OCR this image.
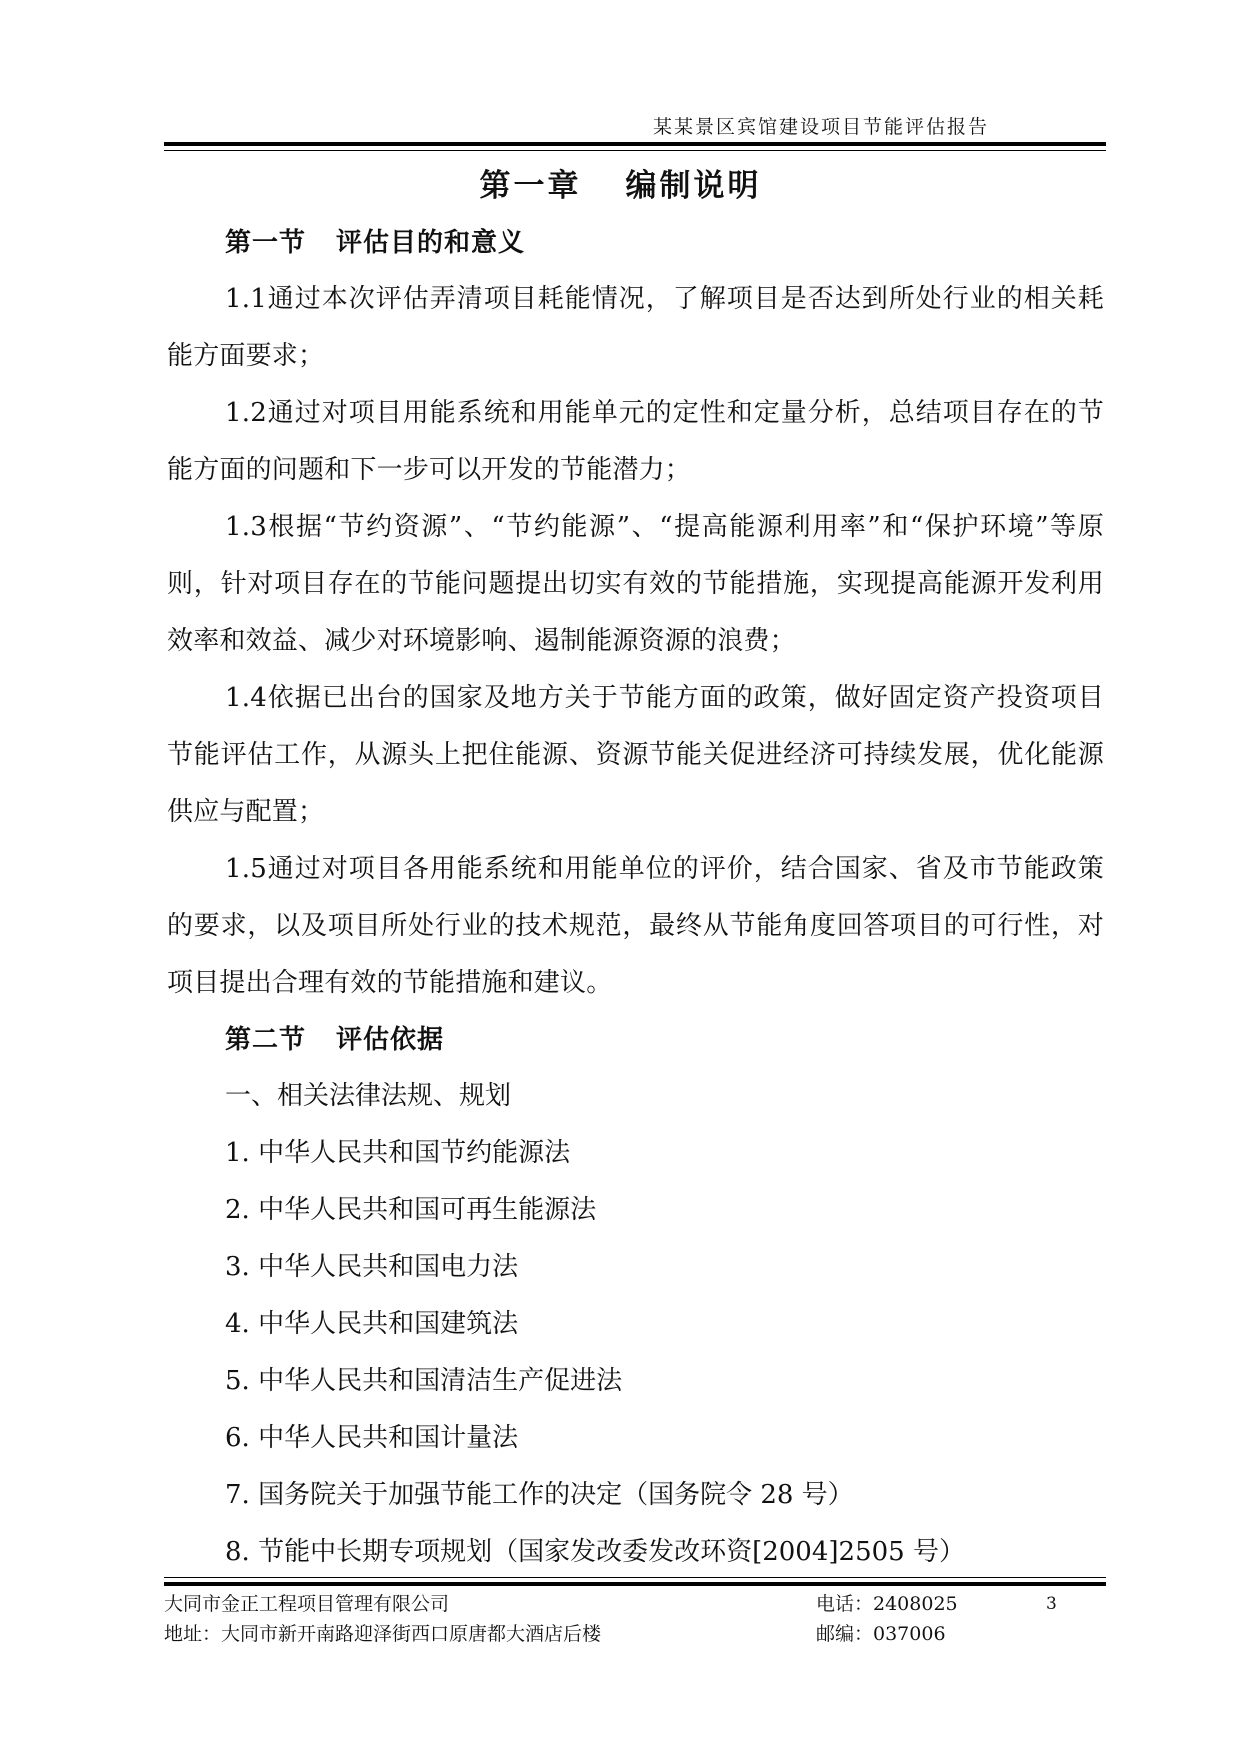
某某景区宾馆建设项目节能评估报告
第一章 编制说明
第一节 评估目的和意义

1.1通过本次评估弄清项目耗能情况，了解项目是否达到所处行业的相关耗能方面要求；

1.2通过对项目用能系统和用能单元的定性和定量分析，总结项目存在的节能方面的问题和下一步可以开发的节能潜力；

1.3根据“节约资源”、“节约能源”、“提高能源利用率”和“保护环境”等原则，针对项目存在的节能问题提出切实有效的节能措施，实现提高能源开发利用效率和效益、减少对环境影响、遏制能源资源的浪费；

1.4依据已出台的国家及地方关于节能方面的政策，做好固定资产投资项目节能评估工作，从源头上把住能源、资源节能关促进经济可持续发展，优化能源供应与配置；

1.5通过对项目各用能系统和用能单位的评价，结合国家、省及市节能政策的要求，以及项目所处行业的技术规范，最终从节能角度回答项目的可行性，对项目提出合理有效的节能措施和建议。

第二节 评估依据
一、相关法律法规、规划
1. 中华人民共和国节约能源法
2. 中华人民共和国可再生能源法
3. 中华人民共和国电力法
4. 中华人民共和国建筑法
5. 中华人民共和国清洁生产促进法
6. 中华人民共和国计量法
7. 国务院关于加强节能工作的决定（国务院令 28 号）
8. 节能中长期专项规划（国家发改委发改环资[2004]2505 号）
大同市金正工程项目管理有限公司	电话：2408025	3
地址：大同市新开南路迎泽街西口原唐都大酒店后楼	邮编：037006
